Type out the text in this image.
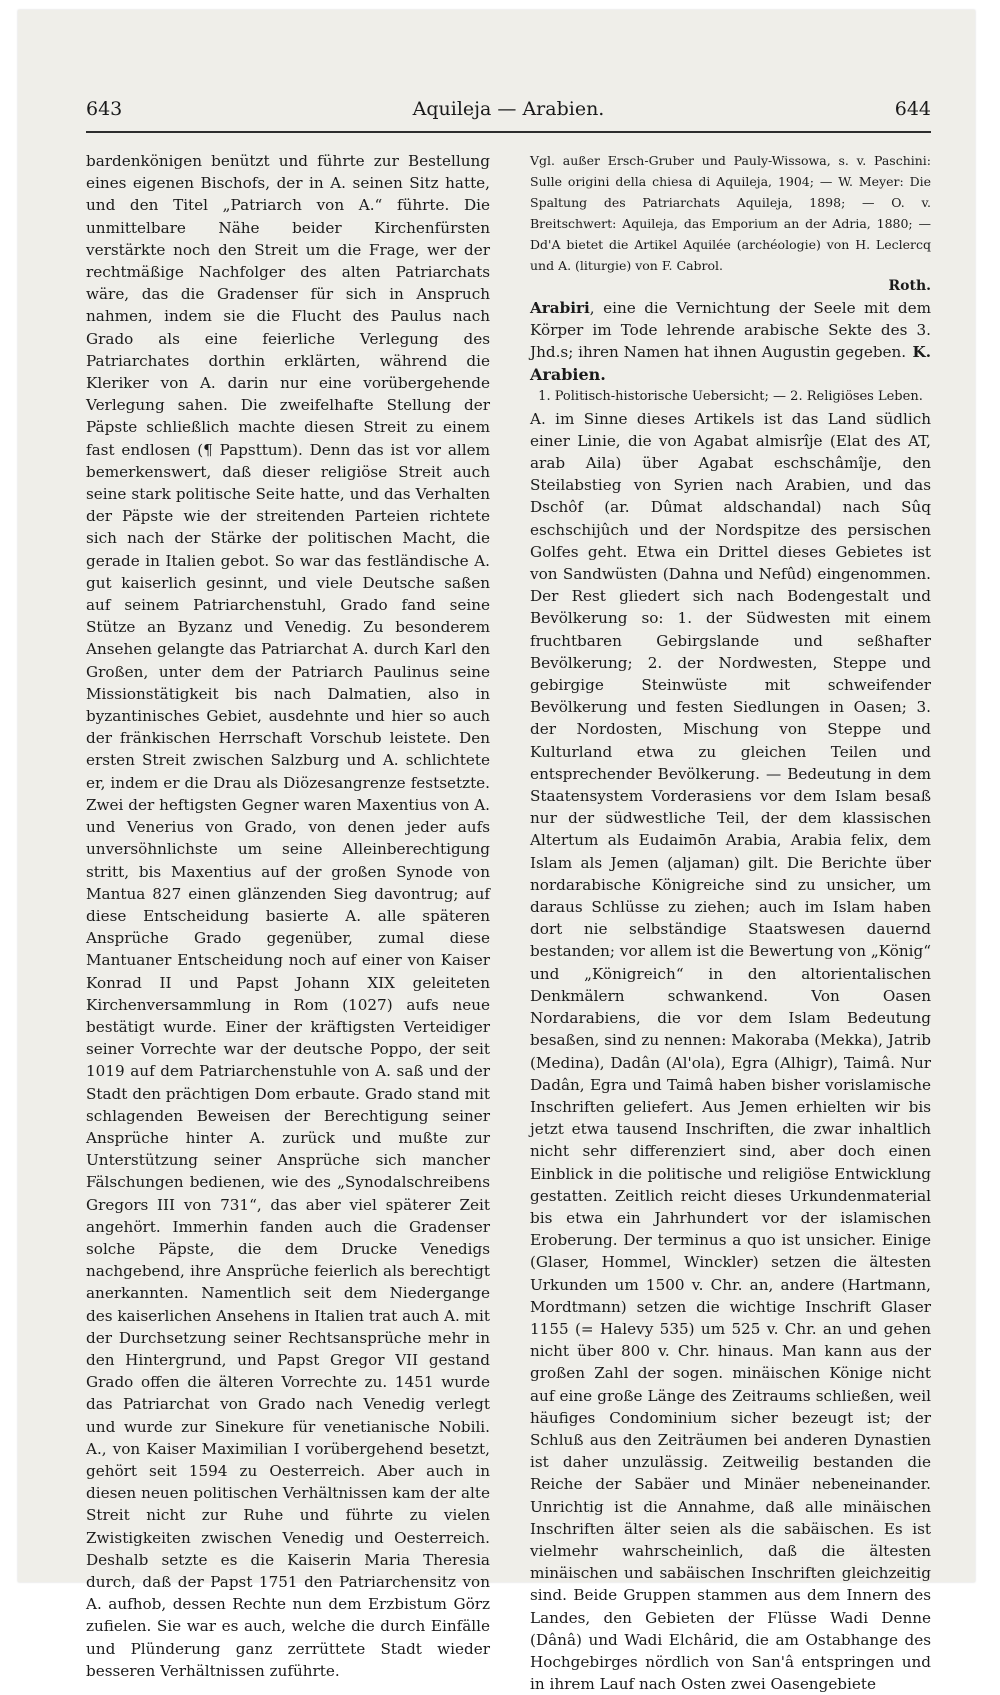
643	Aquileja — Arabien.	644

bardenkönigen benützt und führte zur Bestellung eines eigenen Bischofs, der in A. seinen Sitz hatte, und den Titel „Patriarch von A.“ führte. Die unmittelbare Nähe beider Kirchenfürsten verstärkte noch den Streit um die Frage, wer der rechtmäßige Nachfolger des alten Patriarchats wäre, das die Gradenser für sich in Anspruch nahmen, indem sie die Flucht des Paulus nach Grado als eine feierliche Verlegung des Patriarchates dorthin erklärten, während die Kleriker von A. darin nur eine vorübergehende Verlegung sahen. Die zweifelhafte Stellung der Päpste schließlich machte diesen Streit zu einem fast endlosen (¶ Papsttum). Denn das ist vor allem bemerkenswert, daß dieser religiöse Streit auch seine stark politische Seite hatte, und das Verhalten der Päpste wie der streitenden Parteien richtete sich nach der Stärke der politischen Macht, die gerade in Italien gebot. So war das festländische A. gut kaiserlich gesinnt, und viele Deutsche saßen auf seinem Patriarchenstuhl, Grado fand seine Stütze an Byzanz und Venedig. Zu besonderem Ansehen gelangte das Patriarchat A. durch Karl den Großen, unter dem der Patriarch Paulinus seine Missionstätigkeit bis nach Dalmatien, also in byzantinisches Gebiet, ausdehnte und hier so auch der fränkischen Herrschaft Vorschub leistete. Den ersten Streit zwischen Salzburg und A. schlichtete er, indem er die Drau als Diözesangrenze festsetzte. Zwei der heftigsten Gegner waren Maxentius von A. und Venerius von Grado, von denen jeder aufs unversöhnlichste um seine Alleinberechtigung stritt, bis Maxentius auf der großen Synode von Mantua 827 einen glänzenden Sieg davontrug; auf diese Entscheidung basierte A. alle späteren Ansprüche Grado gegenüber, zumal diese Mantuaner Entscheidung noch auf einer von Kaiser Konrad II und Papst Johann XIX geleiteten Kirchenversammlung in Rom (1027) aufs neue bestätigt wurde. Einer der kräftigsten Verteidiger seiner Vorrechte war der deutsche Poppo, der seit 1019 auf dem Patriarchenstuhle von A. saß und der Stadt den prächtigen Dom erbaute. Grado stand mit schlagenden Beweisen der Berechtigung seiner Ansprüche hinter A. zurück und mußte zur Unterstützung seiner Ansprüche sich mancher Fälschungen bedienen, wie des „Synodalschreibens Gregors III von 731“, das aber viel späterer Zeit angehört. Immerhin fanden auch die Gradenser solche Päpste, die dem Drucke Venedigs nachgebend, ihre Ansprüche feierlich als berechtigt anerkannten. Namentlich seit dem Niedergange des kaiserlichen Ansehens in Italien trat auch A. mit der Durchsetzung seiner Rechtsansprüche mehr in den Hintergrund, und Papst Gregor VII gestand Grado offen die älteren Vorrechte zu. 1451 wurde das Patriarchat von Grado nach Venedig verlegt und wurde zur Sinekure für venetianische Nobili. A., von Kaiser Maximilian I vorübergehend besetzt, gehört seit 1594 zu Oesterreich. Aber auch in diesen neuen politischen Verhältnissen kam der alte Streit nicht zur Ruhe und führte zu vielen Zwistigkeiten zwischen Venedig und Oesterreich. Deshalb setzte es die Kaiserin Maria Theresia durch, daß der Papst 1751 den Patriarchensitz von A. aufhob, dessen Rechte nun dem Erzbistum Görz zufielen. Sie war es auch, welche die durch Einfälle und Plünderung ganz zerrüttete Stadt wieder besseren Verhältnissen zuführte.

Vgl. außer Ersch-Gruber und Pauly-Wissowa, s. v. Paschini: Sulle origini della chiesa di Aquileja, 1904; — W. Meyer: Die Spaltung des Patriarchats Aquileja, 1898; — O. v. Breitschwert: Aquileja, das Emporium an der Adria, 1880; — Dd'A bietet die Artikel Aquilée (archéologie) von H. Leclercq und A. (liturgie) von F. Cabrol.

Roth.

Arabiri, eine die Vernichtung der Seele mit dem Körper im Tode lehrende arabische Sekte des 3. Jhd.s; ihren Namen hat ihnen Augustin gegeben. K.

Arabien.

1. Politisch-historische Uebersicht; — 2. Religiöses Leben.

A. im Sinne dieses Artikels ist das Land südlich einer Linie, die von Agabat almisrîje (Elat des AT, arab Aila) über Agabat eschschâmîje, den Steilabstieg von Syrien nach Arabien, und das Dschôf (ar. Dûmat aldschandal) nach Sûq eschschijûch und der Nordspitze des persischen Golfes geht. Etwa ein Drittel dieses Gebietes ist von Sandwüsten (Dahna und Nefûd) eingenommen. Der Rest gliedert sich nach Bodengestalt und Bevölkerung so: 1. der Südwesten mit einem fruchtbaren Gebirgslande und seßhafter Bevölkerung; 2. der Nordwesten, Steppe und gebirgige Steinwüste mit schweifender Bevölkerung und festen Siedlungen in Oasen; 3. der Nordosten, Mischung von Steppe und Kulturland etwa zu gleichen Teilen und entsprechender Bevölkerung. — Bedeutung in dem Staatensystem Vorderasiens vor dem Islam besaß nur der südwestliche Teil, der dem klassischen Altertum als Eudaimōn Arabia, Arabia felix, dem Islam als Jemen (aljaman) gilt. Die Berichte über nordarabische Königreiche sind zu unsicher, um daraus Schlüsse zu ziehen; auch im Islam haben dort nie selbständige Staatswesen dauernd bestanden; vor allem ist die Bewertung von „König“ und „Königreich“ in den altorientalischen Denkmälern schwankend. Von Oasen Nordarabiens, die vor dem Islam Bedeutung besaßen, sind zu nennen: Makoraba (Mekka), Jatrib (Medina), Dadân (Al'ola), Egra (Alhigr), Taimâ. Nur Dadân, Egra und Taimâ haben bisher vorislamische Inschriften geliefert. Aus Jemen erhielten wir bis jetzt etwa tausend Inschriften, die zwar inhaltlich nicht sehr differenziert sind, aber doch einen Einblick in die politische und religiöse Entwicklung gestatten. Zeitlich reicht dieses Urkundenmaterial bis etwa ein Jahrhundert vor der islamischen Eroberung. Der terminus a quo ist unsicher. Einige (Glaser, Hommel, Winckler) setzen die ältesten Urkunden um 1500 v. Chr. an, andere (Hartmann, Mordtmann) setzen die wichtige Inschrift Glaser 1155 (= Halevy 535) um 525 v. Chr. an und gehen nicht über 800 v. Chr. hinaus. Man kann aus der großen Zahl der sogen. minäischen Könige nicht auf eine große Länge des Zeitraums schließen, weil häufiges Condominium sicher bezeugt ist; der Schluß aus den Zeiträumen bei anderen Dynastien ist daher unzulässig. Zeitweilig bestanden die Reiche der Sabäer und Minäer nebeneinander. Unrichtig ist die Annahme, daß alle minäischen Inschriften älter seien als die sabäischen. Es ist vielmehr wahrscheinlich, daß die ältesten minäischen und sabäischen Inschriften gleichzeitig sind. Beide Gruppen stammen aus dem Innern des Landes, den Gebieten der Flüsse Wadi Denne (Dânâ) und Wadi Elchârid, die am Ostabhange des Hochgebirges nördlich von San'â entspringen und in ihrem Lauf nach Osten zwei Oasengebiete
